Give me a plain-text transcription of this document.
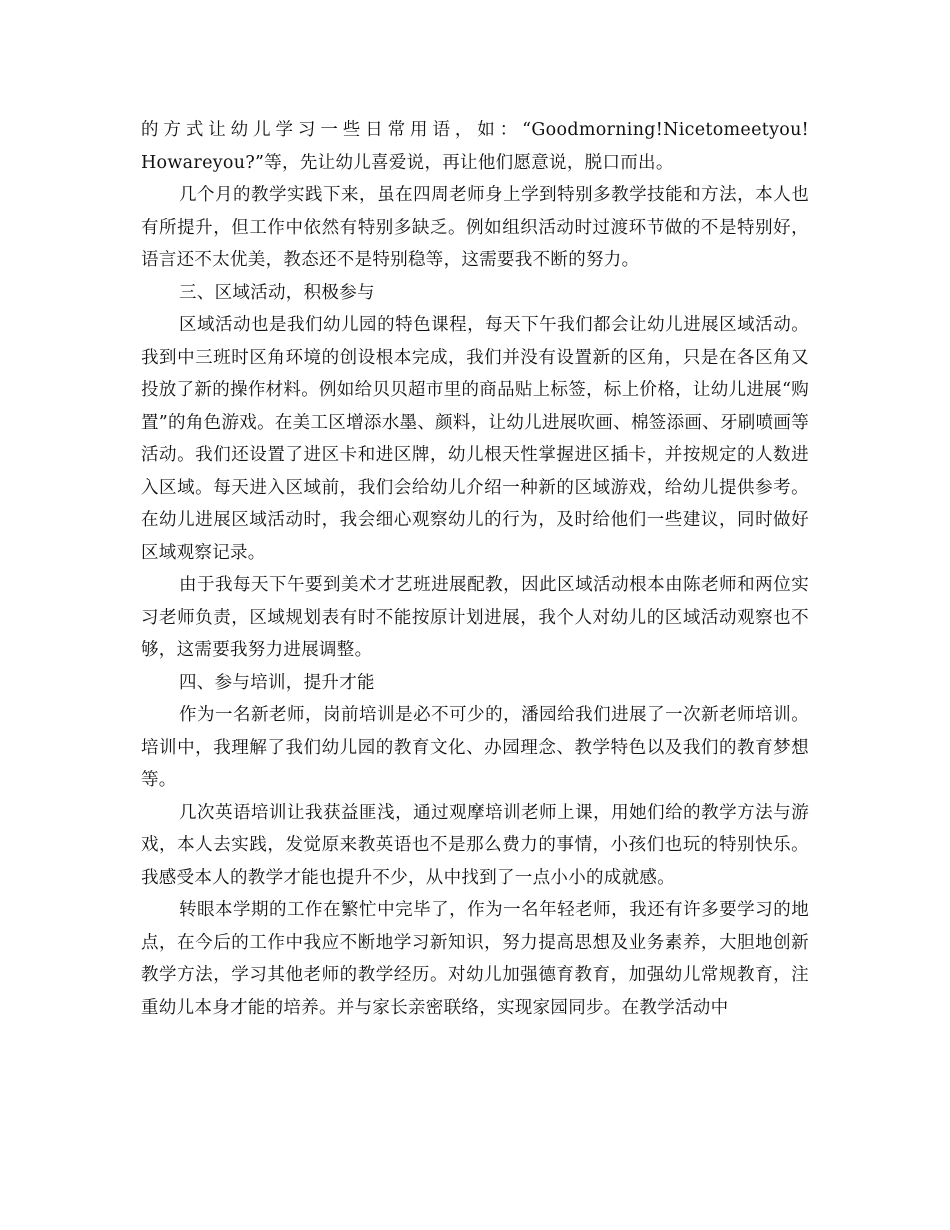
的方式让幼儿学习一些日常用语，如：“Goodmorning!Nicetomeetyou! Howareyou?”等，先让幼儿喜爱说，再让他们愿意说，脱口而出。

几个月的教学实践下来，虽在四周老师身上学到特别多教学技能和方法，本人也有所提升，但工作中依然有特别多缺乏。例如组织活动时过渡环节做的不是特别好，语言还不太优美，教态还不是特别稳等，这需要我不断的努力。

三、区域活动，积极参与

区域活动也是我们幼儿园的特色课程，每天下午我们都会让幼儿进展区域活动。我到中三班时区角环境的创设根本完成，我们并没有设置新的区角，只是在各区角又投放了新的操作材料。例如给贝贝超市里的商品贴上标签，标上价格，让幼儿进展“购置”的角色游戏。在美工区增添水墨、颜料，让幼儿进展吹画、棉签添画、牙刷喷画等活动。我们还设置了进区卡和进区牌，幼儿根天性掌握进区插卡，并按规定的人数进入区域。每天进入区域前，我们会给幼儿介绍一种新的区域游戏，给幼儿提供参考。在幼儿进展区域活动时，我会细心观察幼儿的行为，及时给他们一些建议，同时做好区域观察记录。

由于我每天下午要到美术才艺班进展配教，因此区域活动根本由陈老师和两位实习老师负责，区域规划表有时不能按原计划进展，我个人对幼儿的区域活动观察也不够，这需要我努力进展调整。

四、参与培训，提升才能

作为一名新老师，岗前培训是必不可少的，潘园给我们进展了一次新老师培训。培训中，我理解了我们幼儿园的教育文化、办园理念、教学特色以及我们的教育梦想等。

几次英语培训让我获益匪浅，通过观摩培训老师上课，用她们给的教学方法与游戏，本人去实践，发觉原来教英语也不是那么费力的事情，小孩们也玩的特别快乐。我感受本人的教学才能也提升不少，从中找到了一点小小的成就感。

转眼本学期的工作在繁忙中完毕了，作为一名年轻老师，我还有许多要学习的地点，在今后的工作中我应不断地学习新知识，努力提高思想及业务素养，大胆地创新教学方法，学习其他老师的教学经历。对幼儿加强德育教育，加强幼儿常规教育，注重幼儿本身才能的培养。并与家长亲密联络，实现家园同步。在教学活动中
